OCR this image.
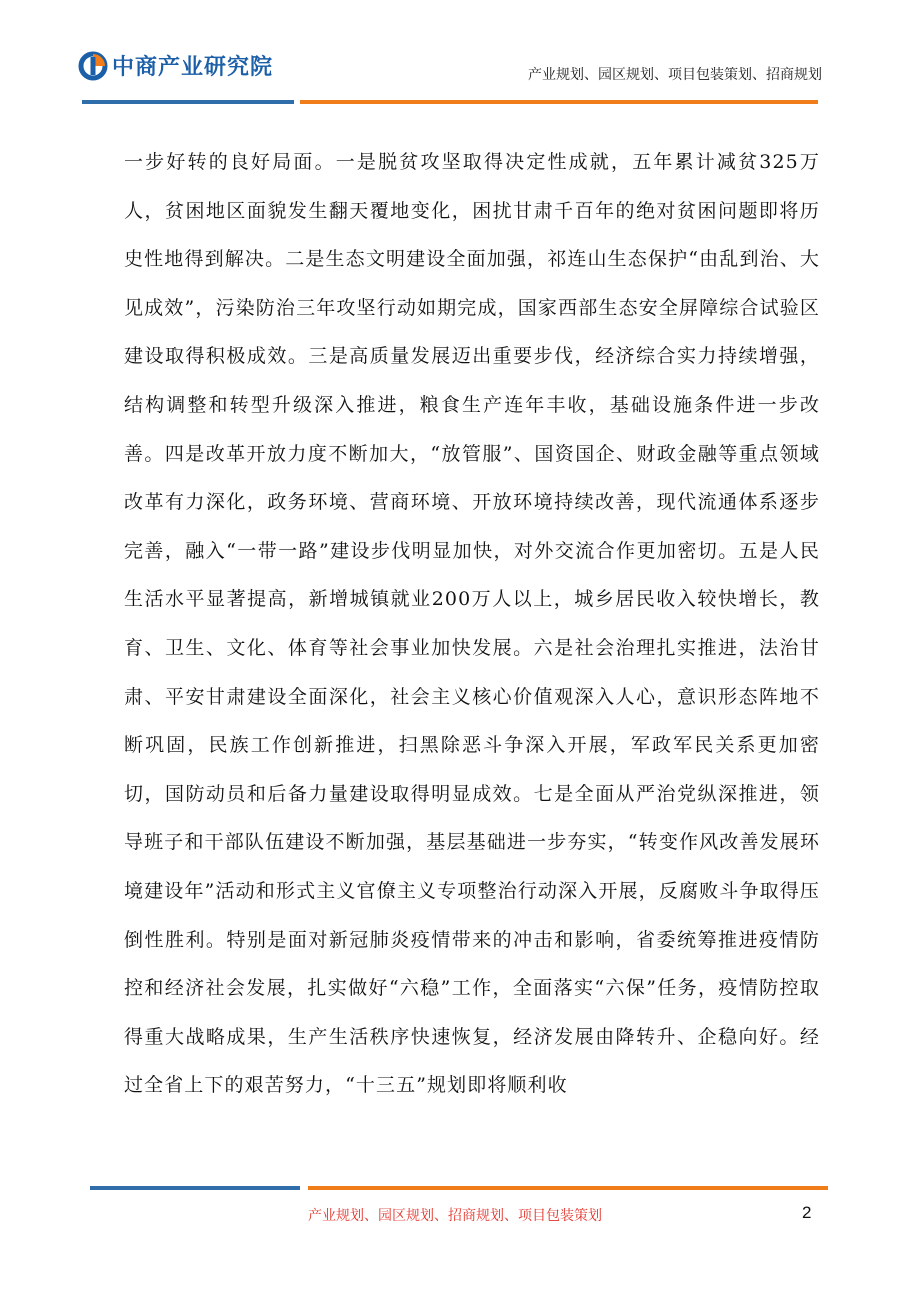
中商产业研究院	产业规划、园区规划、项目包装策划、招商规划

一步好转的良好局面。一是脱贫攻坚取得决定性成就，五年累计减贫325万人，贫困地区面貌发生翻天覆地变化，困扰甘肃千百年的绝对贫困问题即将历史性地得到解决。二是生态文明建设全面加强，祁连山生态保护“由乱到治、大见成效”，污染防治三年攻坚行动如期完成，国家西部生态安全屏障综合试验区建设取得积极成效。三是高质量发展迈出重要步伐，经济综合实力持续增强，结构调整和转型升级深入推进，粮食生产连年丰收，基础设施条件进一步改善。四是改革开放力度不断加大，“放管服”、国资国企、财政金融等重点领域改革有力深化，政务环境、营商环境、开放环境持续改善，现代流通体系逐步完善，融入“一带一路”建设步伐明显加快，对外交流合作更加密切。五是人民生活水平显著提高，新增城镇就业200万人以上，城乡居民收入较快增长，教育、卫生、文化、体育等社会事业加快发展。六是社会治理扎实推进，法治甘肃、平安甘肃建设全面深化，社会主义核心价值观深入人心，意识形态阵地不断巩固，民族工作创新推进，扫黑除恶斗争深入开展，军政军民关系更加密切，国防动员和后备力量建设取得明显成效。七是全面从严治党纵深推进，领导班子和干部队伍建设不断加强，基层基础进一步夯实，“转变作风改善发展环境建设年”活动和形式主义官僚主义专项整治行动深入开展，反腐败斗争取得压倒性胜利。特别是面对新冠肺炎疫情带来的冲击和影响，省委统筹推进疫情防控和经济社会发展，扎实做好“六稳”工作，全面落实“六保”任务，疫情防控取得重大战略成果，生产生活秩序快速恢复，经济发展由降转升、企稳向好。经过全省上下的艰苦努力，“十三五”规划即将顺利收

产业规划、园区规划、招商规划、项目包装策划	2
